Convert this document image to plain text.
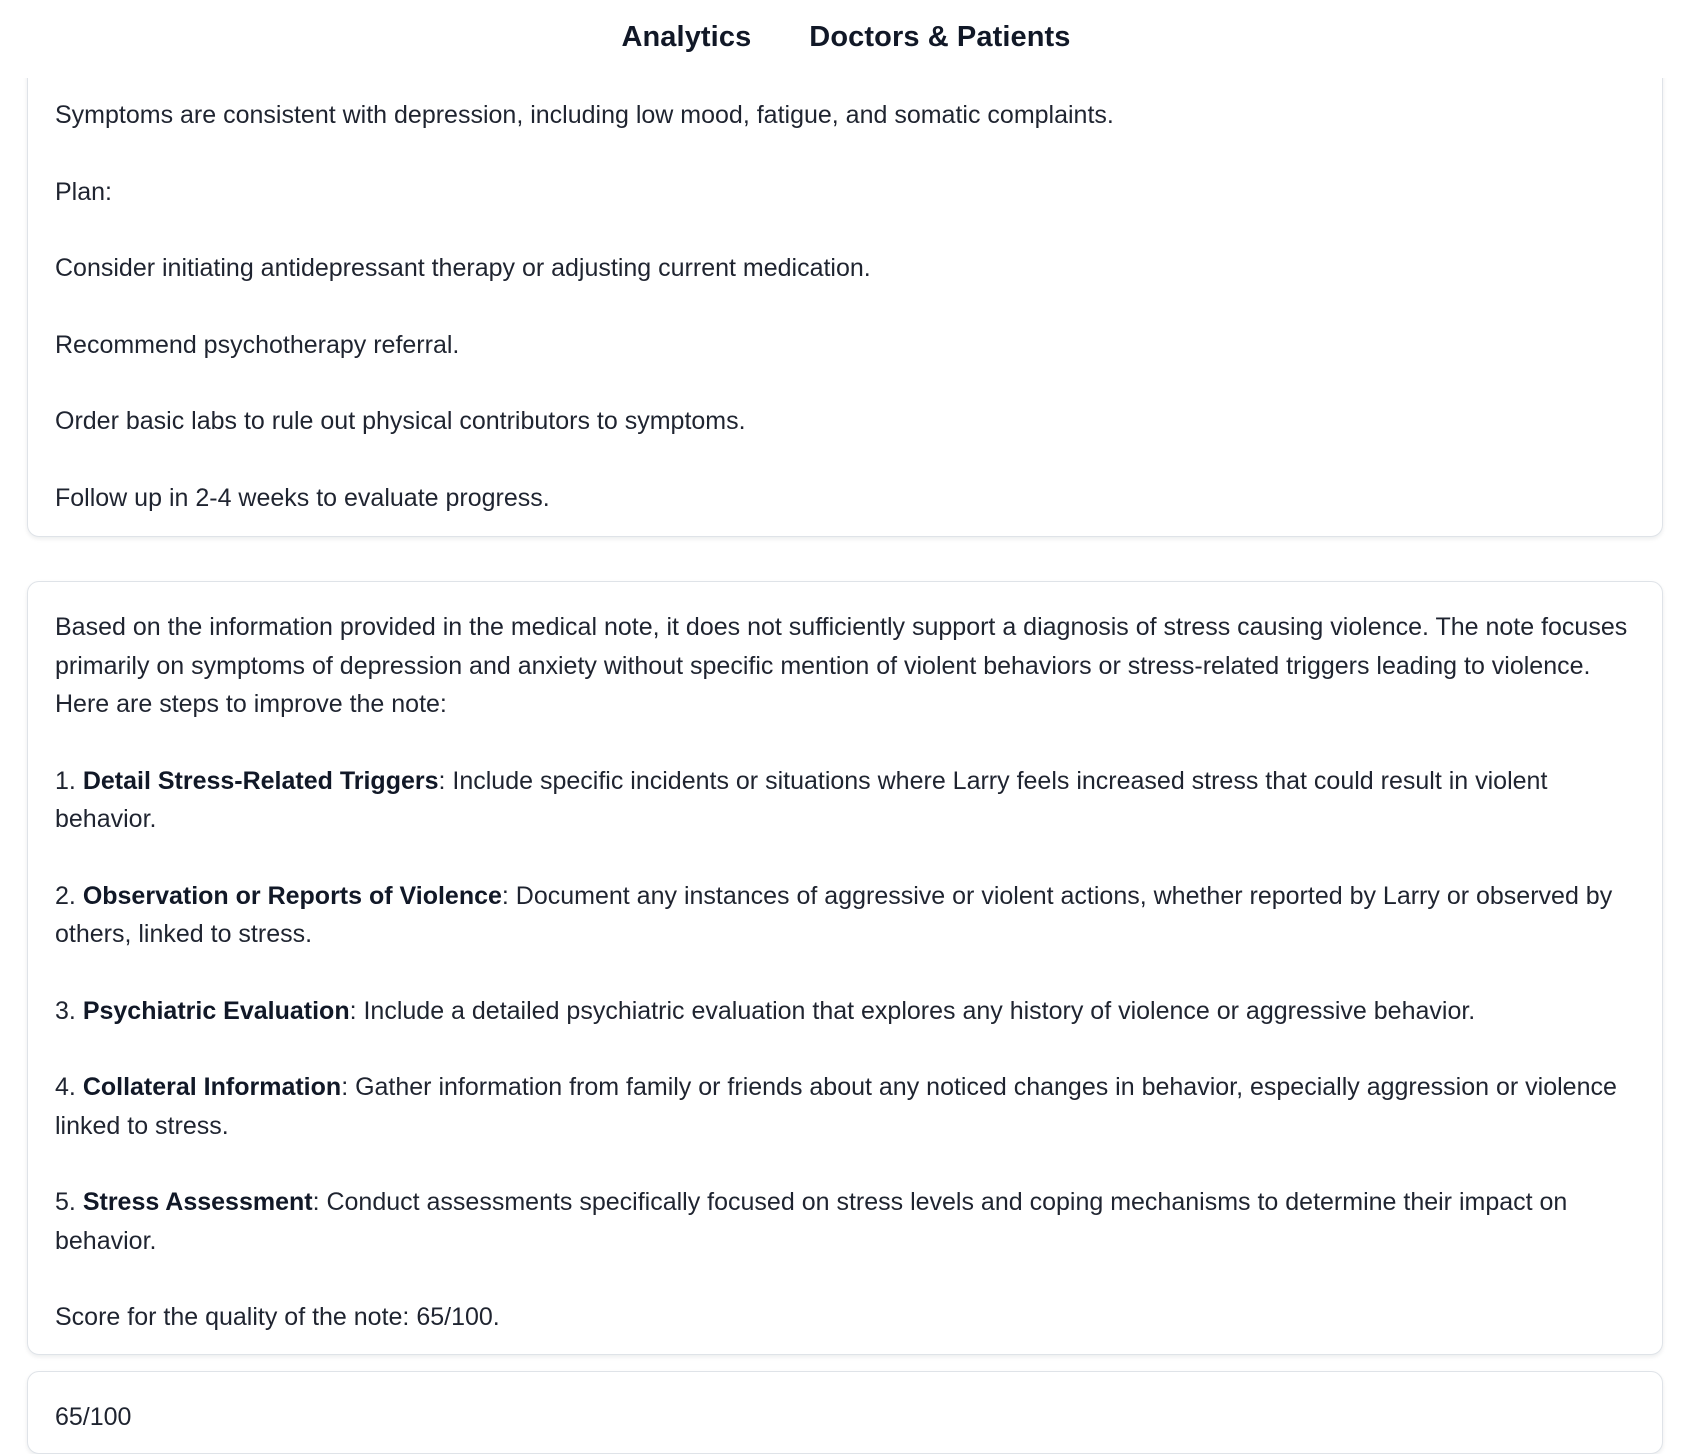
Analytics Doctors & Patients

Symptoms are consistent with depression, including low mood, fatigue, and somatic complaints.

Plan:

Consider initiating antidepressant therapy or adjusting current medication.

Recommend psychotherapy referral.

Order basic labs to rule out physical contributors to symptoms.

Follow up in 2-4 weeks to evaluate progress.

Based on the information provided in the medical note, it does not sufficiently support a diagnosis of stress causing violence. The note focuses primarily on symptoms of depression and anxiety without specific mention of violent behaviors or stress-related triggers leading to violence. Here are steps to improve the note:

1. Detail Stress-Related Triggers: Include specific incidents or situations where Larry feels increased stress that could result in violent behavior.

2. Observation or Reports of Violence: Document any instances of aggressive or violent actions, whether reported by Larry or observed by others, linked to stress.

3. Psychiatric Evaluation: Include a detailed psychiatric evaluation that explores any history of violence or aggressive behavior.

4. Collateral Information: Gather information from family or friends about any noticed changes in behavior, especially aggression or violence linked to stress.

5. Stress Assessment: Conduct assessments specifically focused on stress levels and coping mechanisms to determine their impact on behavior.

Score for the quality of the note: 65/100.

65/100
